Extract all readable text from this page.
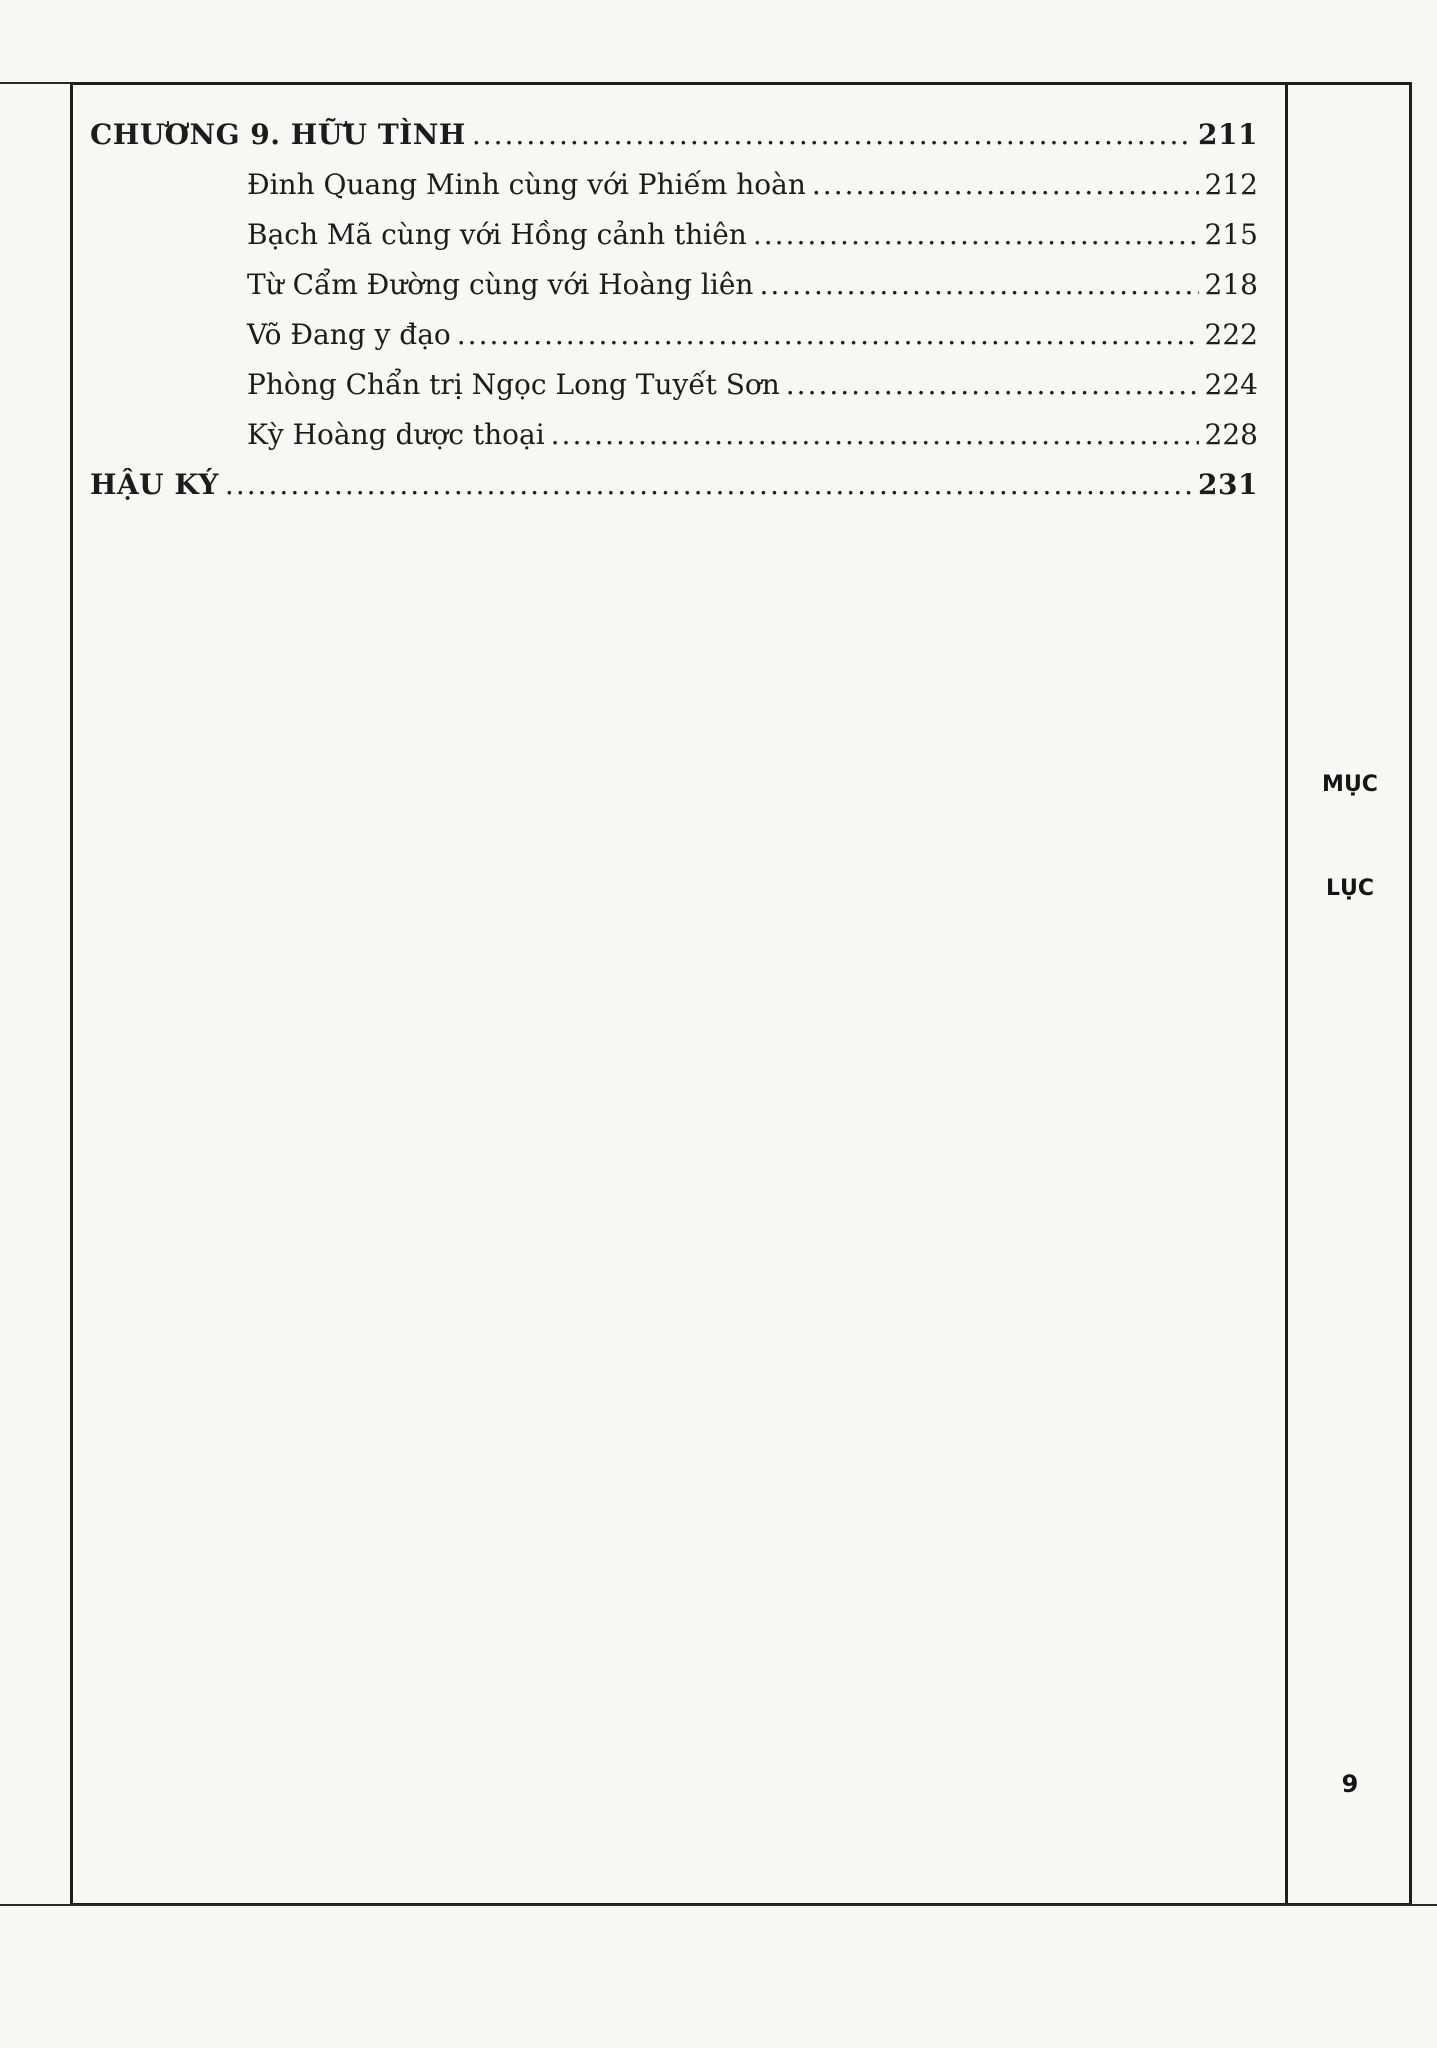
CHƯƠNG 9. HỮU TÌNH .....	211
Đinh Quang Minh cùng với Phiếm hoàn .....	212
Bạch Mã cùng với Hồng cảnh thiên .....	215
Từ Cẩm Đường cùng với Hoàng liên .....	218
Võ Đang y đạo .....	222
Phòng Chẩn trị Ngọc Long Tuyết Sơn .....	224
Kỳ Hoàng dược thoại .....	228
HẬU KÝ .....	231
MỤC
LỤC
9
